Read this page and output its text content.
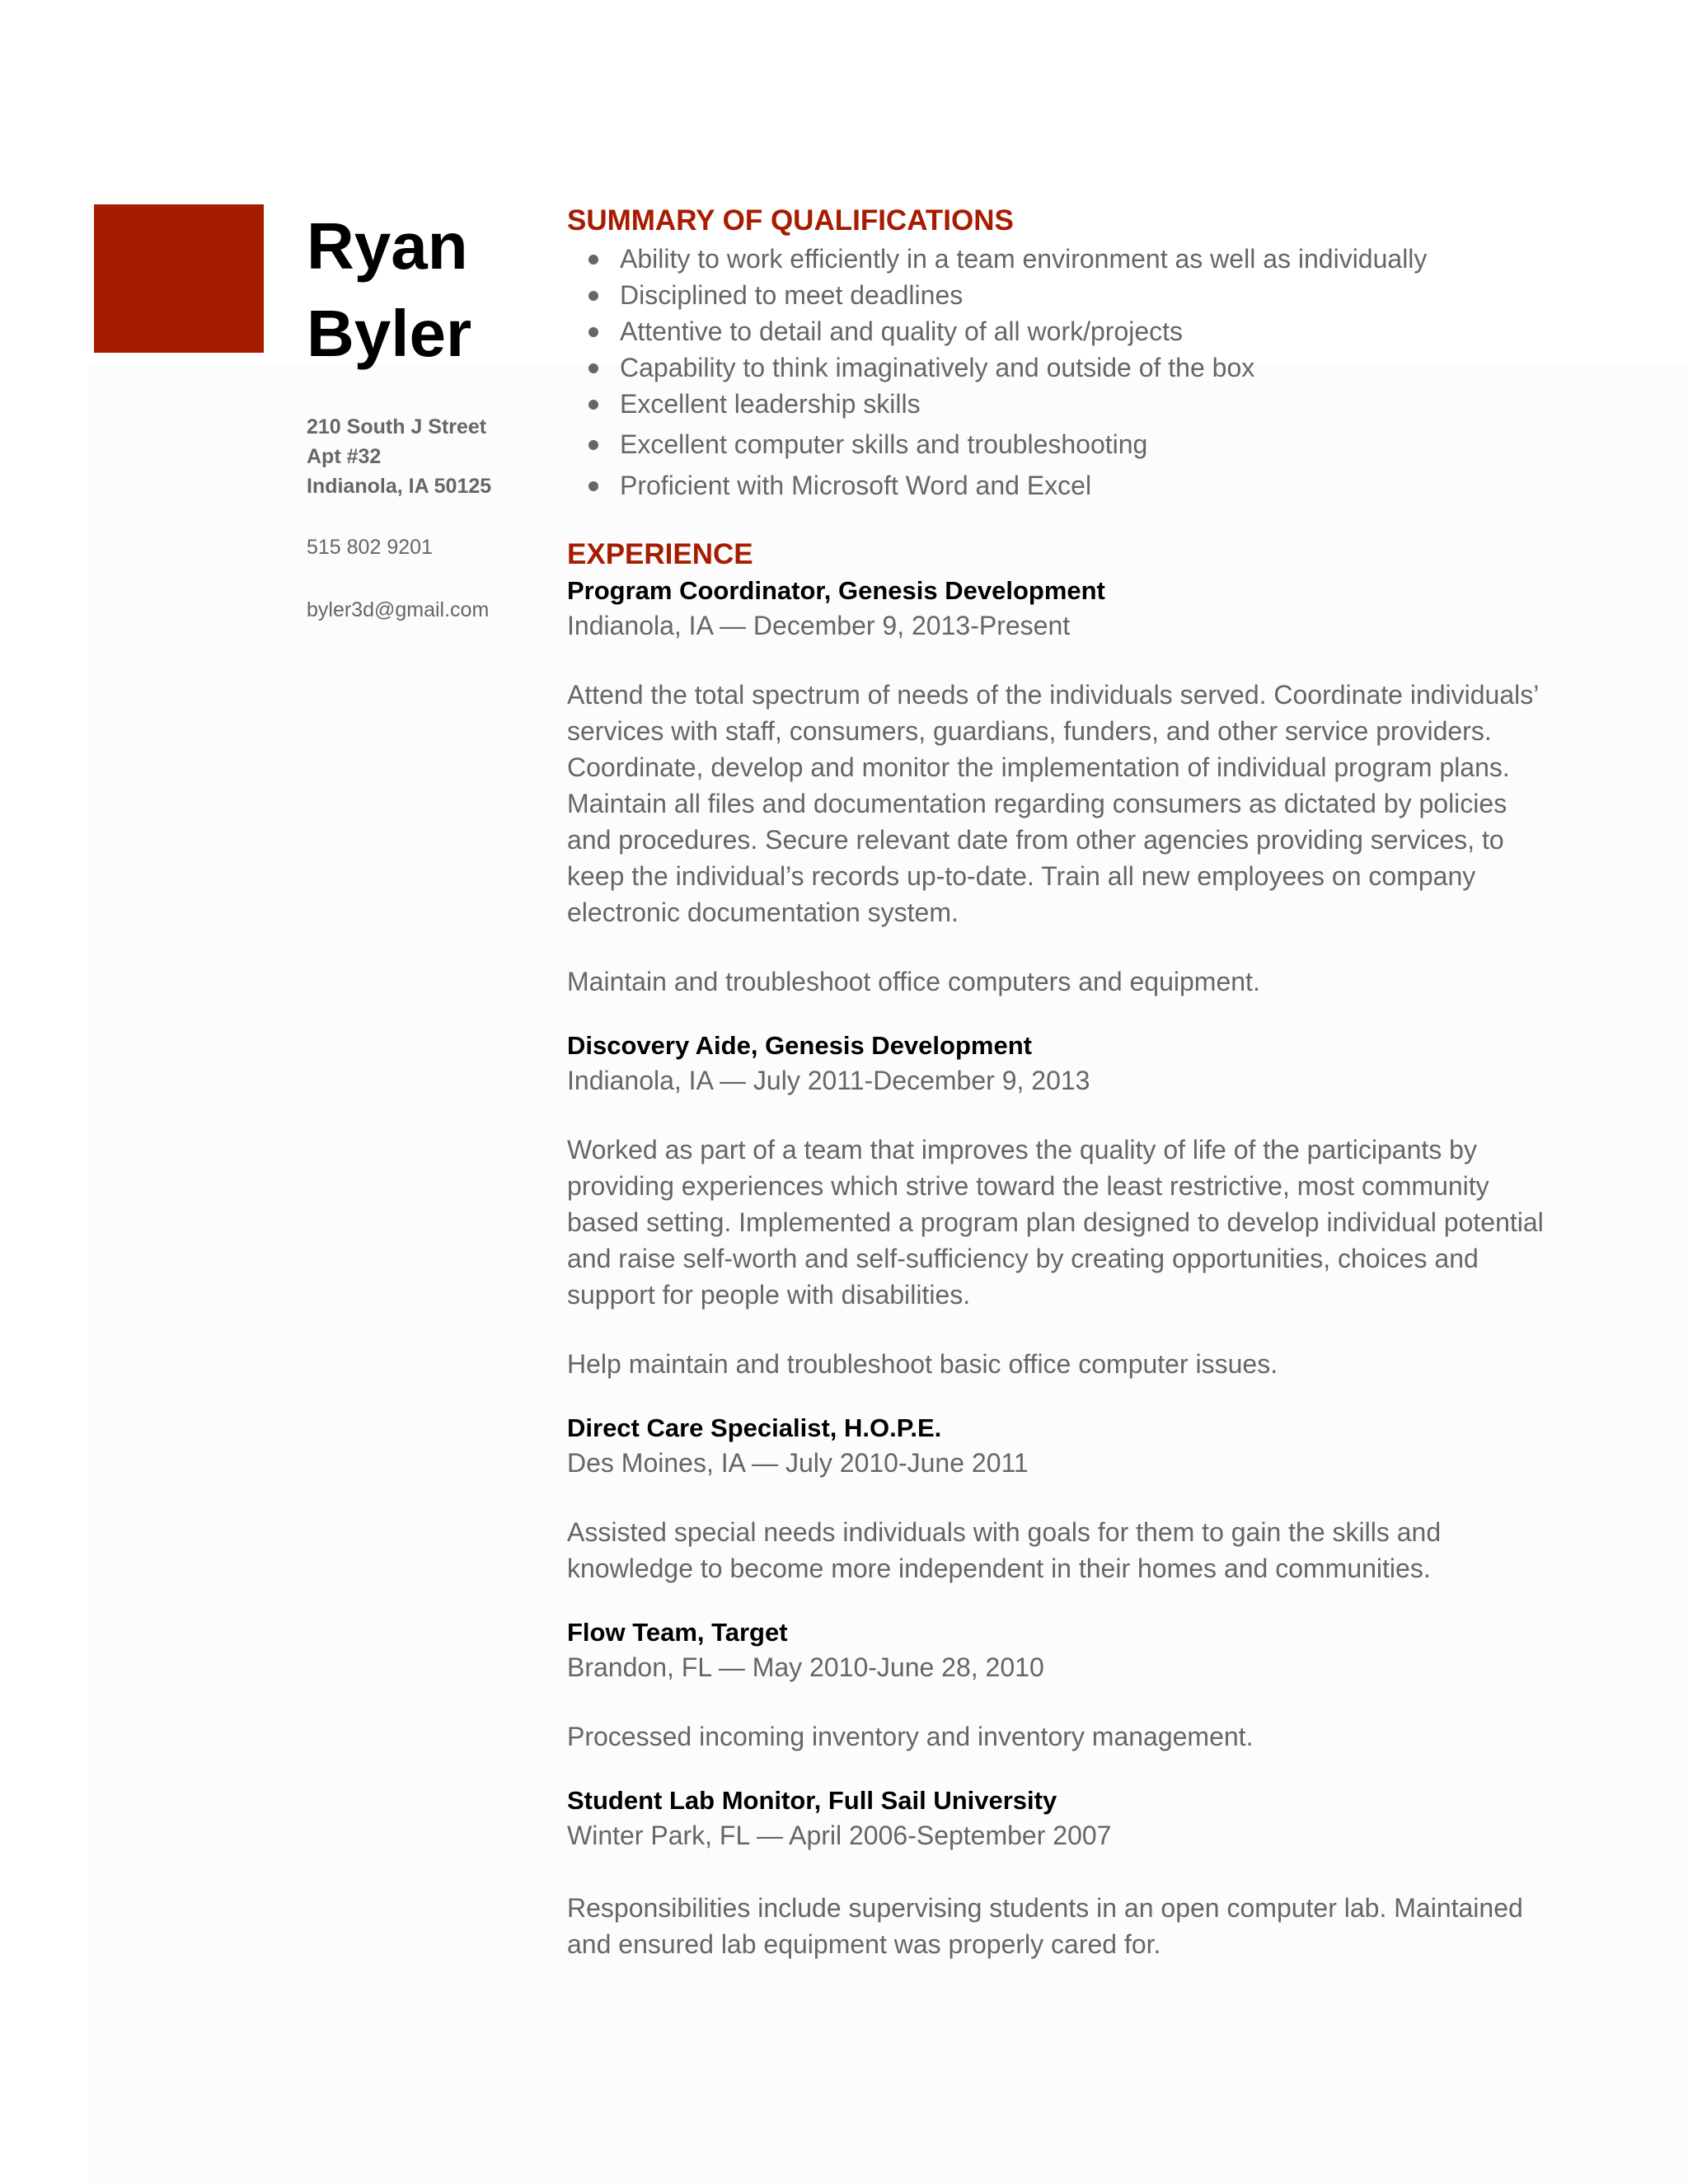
Ryan
Byler
210 South J Street
Apt #32
Indianola, IA 50125
515 802 9201
byler3d@gmail.com
SUMMARY OF QUALIFICATIONS
Ability to work efficiently in a team environment as well as individually
Disciplined to meet deadlines
Attentive to detail and quality of all work/projects
Capability to think imaginatively and outside of the box
Excellent leadership skills
Excellent computer skills and troubleshooting
Proficient with Microsoft Word and Excel
EXPERIENCE
Program Coordinator, Genesis Development
Indianola, IA — December 9, 2013-Present
Attend the total spectrum of needs of the individuals served. Coordinate individuals’ services with staff, consumers, guardians, funders, and other service providers. Coordinate, develop and monitor the implementation of individual program plans. Maintain all files and documentation regarding consumers as dictated by policies and procedures. Secure relevant date from other agencies providing services, to keep the individual’s records up-to-date. Train all new employees on company electronic documentation system.
Maintain and troubleshoot office computers and equipment.
Discovery Aide, Genesis Development
Indianola, IA — July 2011-December 9, 2013
Worked as part of a team that improves the quality of life of the participants by providing experiences which strive toward the least restrictive, most community based setting. Implemented a program plan designed to develop individual potential and raise self-worth and self-sufficiency by creating opportunities, choices and support for people with disabilities.
Help maintain and troubleshoot basic office computer issues.
Direct Care Specialist, H.O.P.E.
Des Moines, IA — July 2010-June 2011
Assisted special needs individuals with goals for them to gain the skills and knowledge to become more independent in their homes and communities.
Flow Team, Target
Brandon, FL — May 2010-June 28, 2010
Processed incoming inventory and inventory management.
Student Lab Monitor, Full Sail University
Winter Park, FL — April 2006-September 2007
Responsibilities include supervising students in an open computer lab. Maintained and ensured lab equipment was properly cared for.
